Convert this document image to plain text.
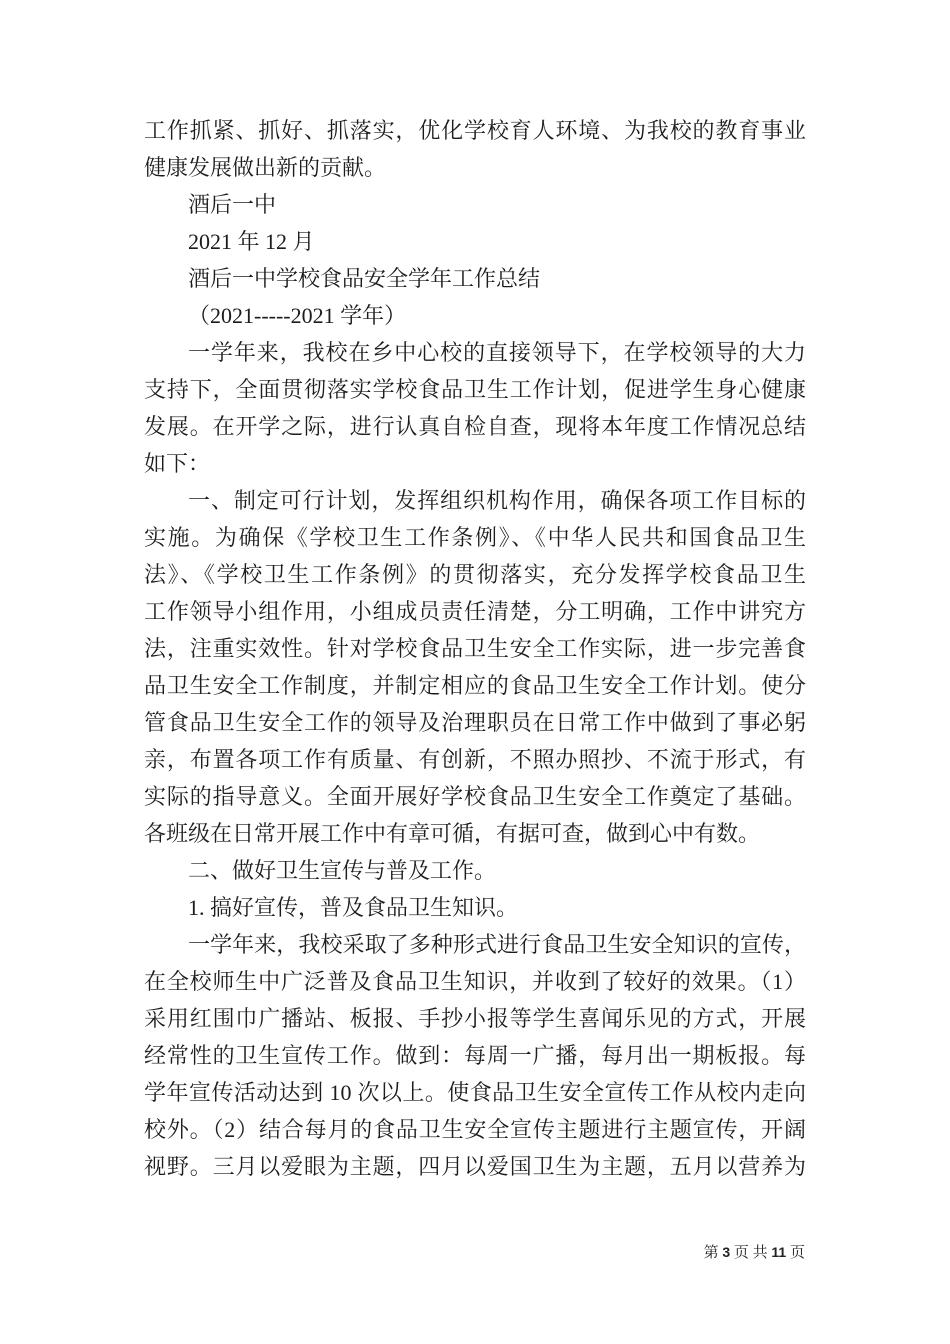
工作抓紧、抓好、抓落实，优化学校育人环境、为我校的教育事业
健康发展做出新的贡献。
酒后一中
2021 年 12 月
酒后一中学校食品安全学年工作总结
（2021-----2021 学年）
一学年来，我校在乡中心校的直接领导下，在学校领导的大力
支持下，全面贯彻落实学校食品卫生工作计划，促进学生身心健康
发展。在开学之际，进行认真自检自查，现将本年度工作情况总结
如下：
一、制定可行计划，发挥组织机构作用，确保各项工作目标的
实施。为确保《学校卫生工作条例》、《中华人民共和国食品卫生
法》、《学校卫生工作条例》的贯彻落实，充分发挥学校食品卫生
工作领导小组作用，小组成员责任清楚，分工明确，工作中讲究方
法，注重实效性。针对学校食品卫生安全工作实际，进一步完善食
品卫生安全工作制度，并制定相应的食品卫生安全工作计划。使分
管食品卫生安全工作的领导及治理职员在日常工作中做到了事必躬
亲，布置各项工作有质量、有创新，不照办照抄、不流于形式，有
实际的指导意义。全面开展好学校食品卫生安全工作奠定了基础。
各班级在日常开展工作中有章可循，有据可查，做到心中有数。
二、做好卫生宣传与普及工作。
1. 搞好宣传，普及食品卫生知识。
一学年来，我校采取了多种形式进行食品卫生安全知识的宣传，
在全校师生中广泛普及食品卫生知识，并收到了较好的效果。（1）
采用红围巾广播站、板报、手抄小报等学生喜闻乐见的方式，开展
经常性的卫生宣传工作。做到：每周一广播，每月出一期板报。每
学年宣传活动达到 10 次以上。使食品卫生安全宣传工作从校内走向
校外。（2）结合每月的食品卫生安全宣传主题进行主题宣传，开阔
视野。三月以爱眼为主题，四月以爱国卫生为主题，五月以营养为
第 3 页 共 11 页
